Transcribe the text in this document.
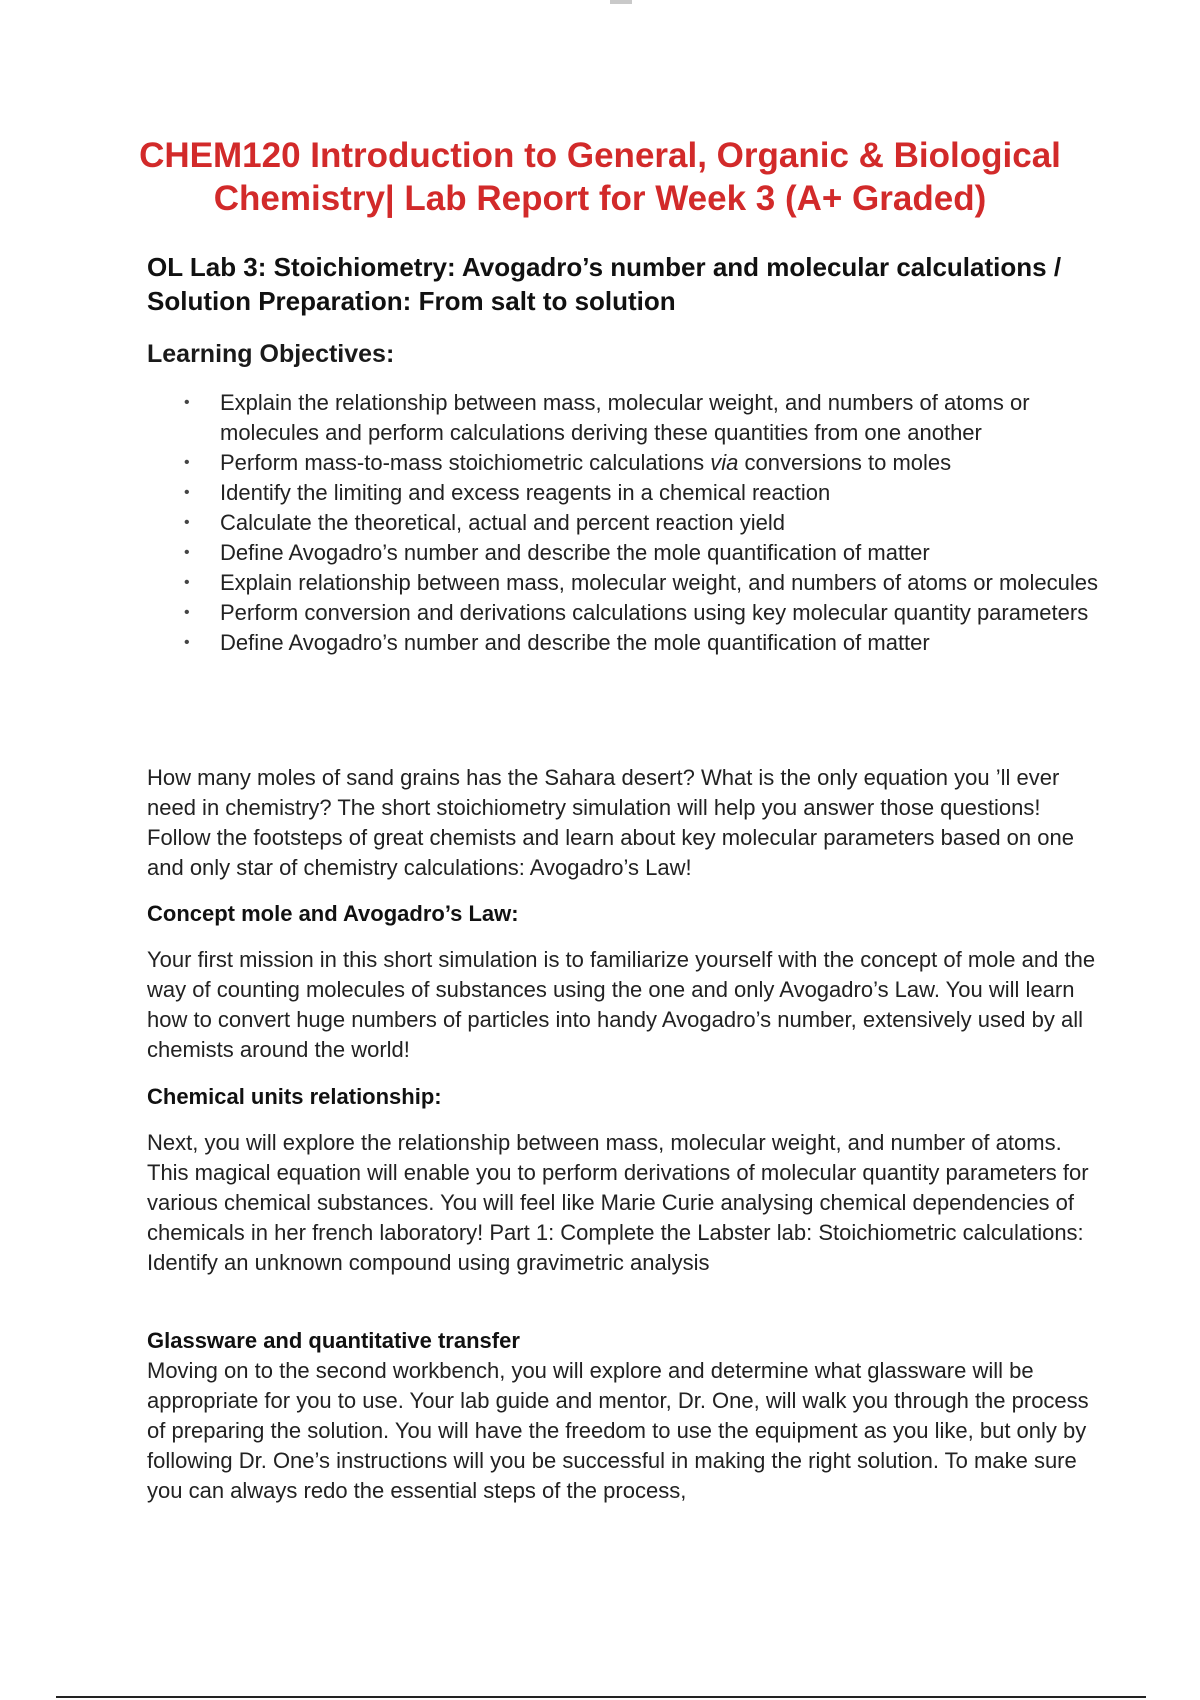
CHEM120 Introduction to General, Organic & Biological Chemistry| Lab Report for Week 3 (A+ Graded)
OL Lab 3: Stoichiometry: Avogadro’s number and molecular calculations / Solution Preparation: From salt to solution
Learning Objectives:
• Explain the relationship between mass, molecular weight, and numbers of atoms or molecules and perform calculations deriving these quantities from one another
• Perform mass-to-mass stoichiometric calculations via conversions to moles
• Identify the limiting and excess reagents in a chemical reaction
• Calculate the theoretical, actual and percent reaction yield
• Define Avogadro’s number and describe the mole quantification of matter
• Explain relationship between mass, molecular weight, and numbers of atoms or molecules
• Perform conversion and derivations calculations using key molecular quantity parameters
• Define Avogadro’s number and describe the mole quantification of matter

How many moles of sand grains has the Sahara desert? What is the only equation you ’ll ever need in chemistry? The short stoichiometry simulation will help you answer those questions! Follow the footsteps of great chemists and learn about key molecular parameters based on one and only star of chemistry calculations: Avogadro’s Law!

Concept mole and Avogadro’s Law:

Your first mission in this short simulation is to familiarize yourself with the concept of mole and the way of counting molecules of substances using the one and only Avogadro’s Law. You will learn how to convert huge numbers of particles into handy Avogadro’s number, extensively used by all chemists around the world!

Chemical units relationship:

Next, you will explore the relationship between mass, molecular weight, and number of atoms. This magical equation will enable you to perform derivations of molecular quantity parameters for various chemical substances. You will feel like Marie Curie analysing chemical dependencies of chemicals in her french laboratory! Part 1: Complete the Labster lab: Stoichiometric calculations: Identify an unknown compound using gravimetric analysis

Glassware and quantitative transfer

Moving on to the second workbench, you will explore and determine what glassware will be appropriate for you to use. Your lab guide and mentor, Dr. One, will walk you through the process of preparing the solution. You will have the freedom to use the equipment as you like, but only by following Dr. One’s instructions will you be successful in making the right solution. To make sure you can always redo the essential steps of the process,
